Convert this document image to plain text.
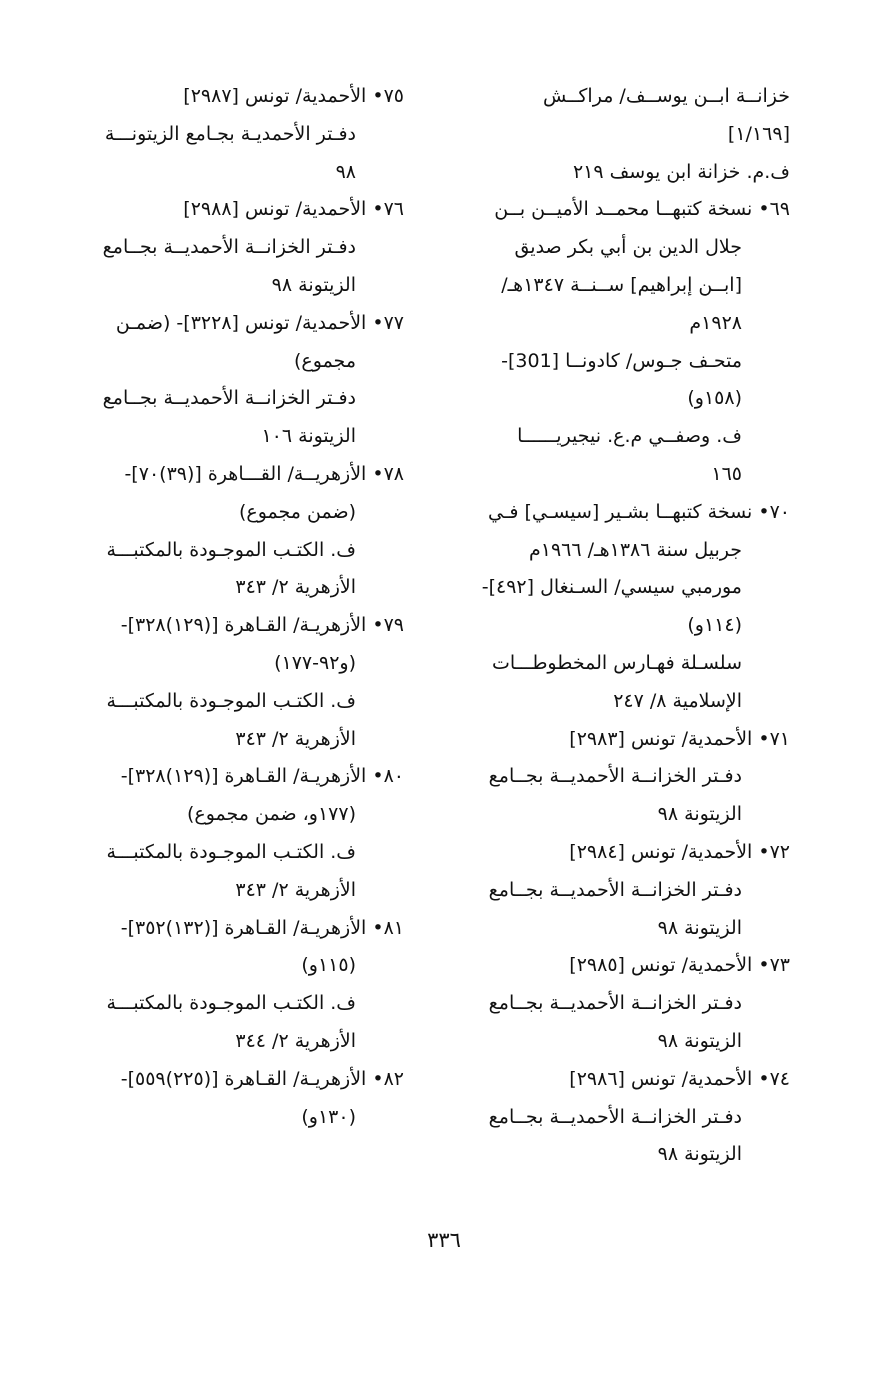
خزانــة ابــن يوســف/ مراكــش
[١/١٦٩]
ف.م. خزانة ابن يوسف ٢١٩
٦٩• نسخة كتبهــا محمــد الأميــن بــن
جلال الدين بن أبي بكر صديق
[ابــن إبراهيم] ســنــة ١٣٤٧هـ/
١٩٢٨م
متحـف جـوس/ كادونــا [301]-
(١٥٨و)
ف. وصفــي م.ع. نيجيريــــــا
١٦٥
٧٠• نسخة كتبهــا بشـير [سيسـي] فـي
جربيل سنة ١٣٨٦هـ/ ١٩٦٦م
مورمبي سيسي/ السـنغال [٤٩٢]-
(١١٤و)
سلسـلة فهـارس المخطوطـــات
الإسلامية ٨/ ٢٤٧
٧١• الأحمدية/ تونس [٢٩٨٣]
دفـتر الخزانــة الأحمديــة بجــامع
الزيتونة ٩٨
٧٢• الأحمدية/ تونس [٢٩٨٤]
دفـتر الخزانــة الأحمديــة بجــامع
الزيتونة ٩٨
٧٣• الأحمدية/ تونس [٢٩٨٥]
دفـتر الخزانــة الأحمديــة بجــامع
الزيتونة ٩٨
٧٤• الأحمدية/ تونس [٢٩٨٦]
دفـتر الخزانــة الأحمديــة بجــامع
الزيتونة ٩٨
٧٥• الأحمدية/ تونس [٢٩٨٧]
دفـتر الأحمديـة بجـامع الزيتونـــة
٩٨
٧٦• الأحمدية/ تونس [٢٩٨٨]
دفـتر الخزانــة الأحمديــة بجــامع
الزيتونة ٩٨
٧٧• الأحمدية/ تونس [٣٢٢٨]- (ضمـن
مجموع)
دفـتر الخزانــة الأحمديــة بجــامع
الزيتونة ١٠٦
٧٨• الأزهريــة/ القـــاهرة [(٣٩)٧٠]-
(ضمن مجموع)
ف. الكتـب الموجـودة بالمكتبـــة
الأزهرية ٢/ ٣٤٣
٧٩• الأزهريـة/ القـاهرة [(١٢٩)٣٢٨]-
(و٩٢-١٧٧)
ف. الكتـب الموجـودة بالمكتبـــة
الأزهرية ٢/ ٣٤٣
٨٠• الأزهريـة/ القـاهرة [(١٢٩)٣٢٨]-
(١٧٧و، ضمن مجموع)
ف. الكتـب الموجـودة بالمكتبـــة
الأزهرية ٢/ ٣٤٣
٨١• الأزهريـة/ القـاهرة [(١٣٢)٣٥٢]-
(١١٥و)
ف. الكتـب الموجـودة بالمكتبـــة
الأزهرية ٢/ ٣٤٤
٨٢• الأزهريـة/ القـاهرة [(٢٢٥)٥٥٩]-
(١٣٠و)
٣٣٦
